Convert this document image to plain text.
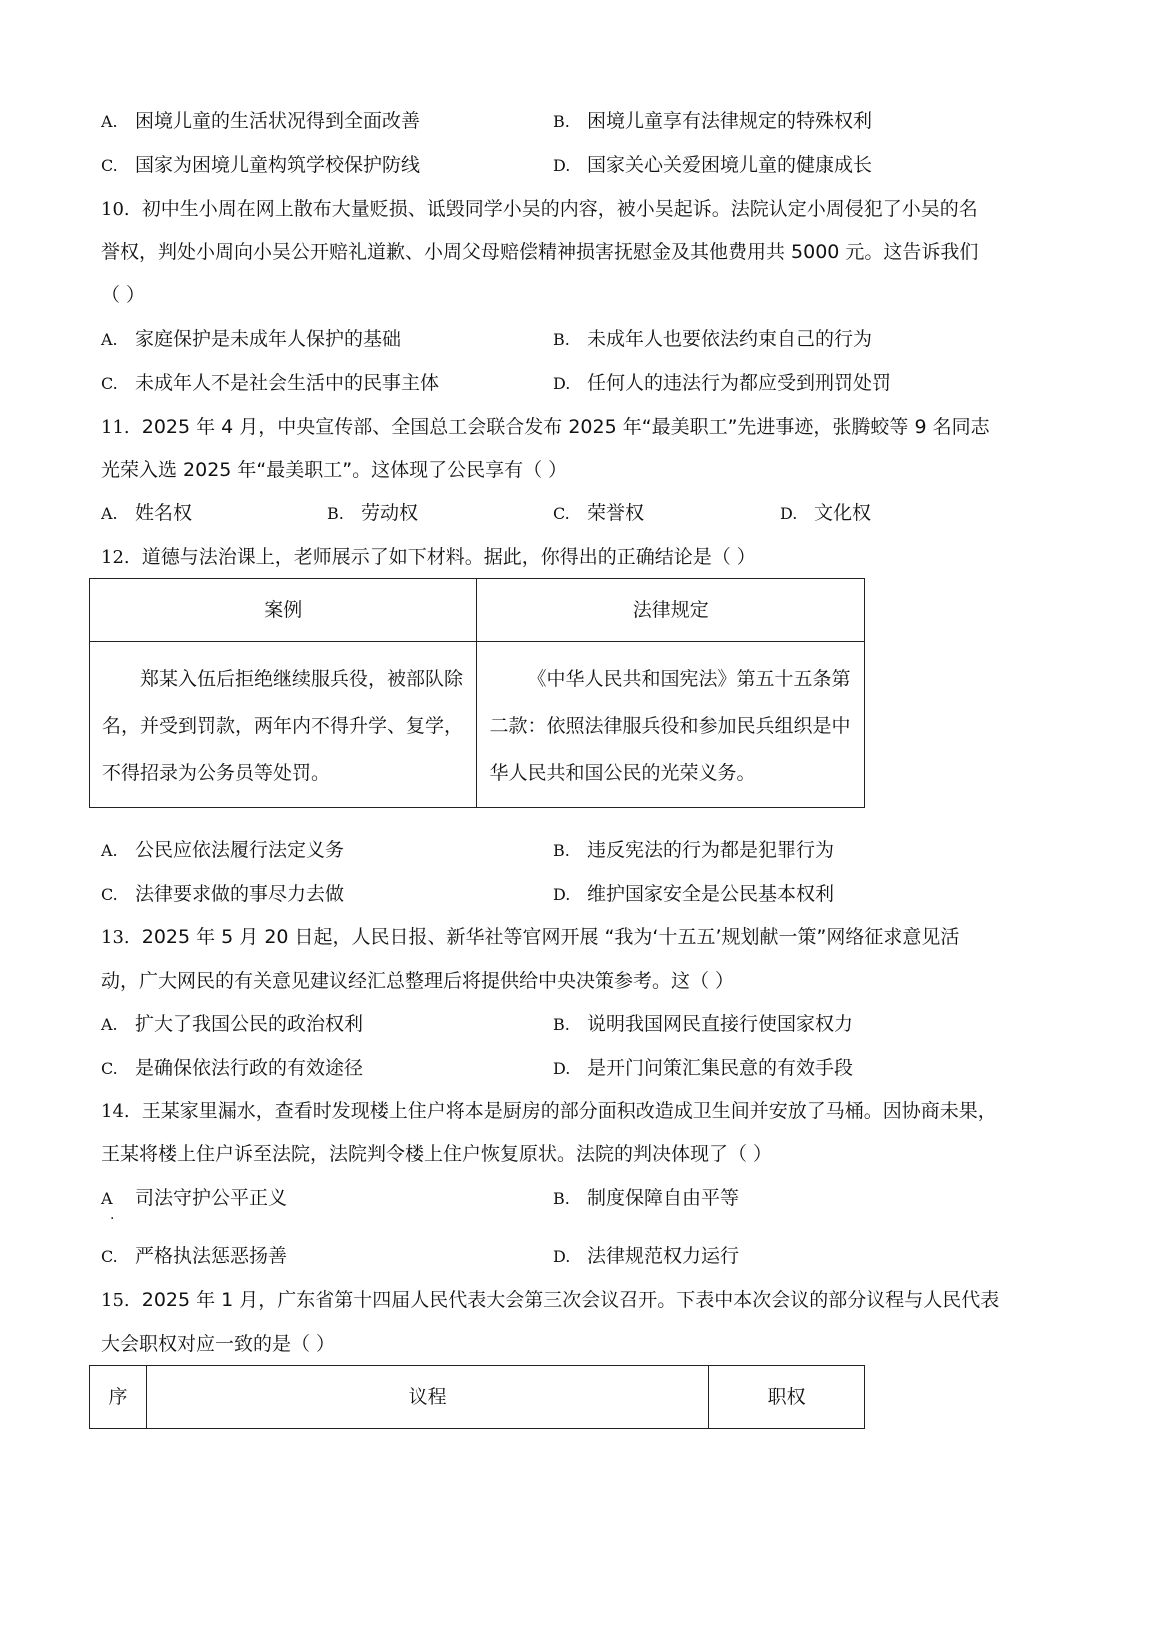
A. 困境儿童的生活状况得到全面改善	B. 困境儿童享有法律规定的特殊权利
C. 国家为困境儿童构筑学校保护防线	D. 国家关心关爱困境儿童的健康成长
10. 初中生小周在网上散布大量贬损、诋毁同学小吴的内容，被小吴起诉。法院认定小周侵犯了小吴的名
誉权，判处小周向小吴公开赔礼道歉、小周父母赔偿精神损害抚慰金及其他费用共 5000 元。这告诉我们
（ ）
A. 家庭保护是未成年人保护的基础	B. 未成年人也要依法约束自己的行为
C. 未成年人不是社会生活中的民事主体	D. 任何人的违法行为都应受到刑罚处罚
11. 2025 年 4 月，中央宣传部、全国总工会联合发布 2025 年“最美职工”先进事迹，张腾蛟等 9 名同志
光荣入选 2025 年“最美职工”。这体现了公民享有（ ）
A. 姓名权	B. 劳动权	C. 荣誉权	D. 文化权
12. 道德与法治课上，老师展示了如下材料。据此，你得出的正确结论是（ ）
案例	法律规定
郑某入伍后拒绝继续服兵役，被部队除名，并受到罚款，两年内不得升学、复学，不得招录为公务员等处罚。	《中华人民共和国宪法》第五十五条第二款：依照法律服兵役和参加民兵组织是中华人民共和国公民的光荣义务。
A. 公民应依法履行法定义务	B. 违反宪法的行为都是犯罪行为
C. 法律要求做的事尽力去做	D. 维护国家安全是公民基本权利
13. 2025 年 5 月 20 日起，人民日报、新华社等官网开展 “我为‘十五五’规划献一策”网络征求意见活
动，广大网民的有关意见建议经汇总整理后将提供给中央决策参考。这（ ）
A. 扩大了我国公民的政治权利	B. 说明我国网民直接行使国家权力
C. 是确保依法行政的有效途径	D. 是开门问策汇集民意的有效手段
14. 王某家里漏水，查看时发现楼上住户将本是厨房的部分面积改造成卫生间并安放了马桶。因协商未果，
王某将楼上住户诉至法院，法院判令楼上住户恢复原状。法院的判决体现了（ ）
A 司法守护公平正义
.
B. 制度保障自由平等
C. 严格执法惩恶扬善	D. 法律规范权力运行
15. 2025 年 1 月，广东省第十四届人民代表大会第三次会议召开。下表中本次会议的部分议程与人民代表
大会职权对应一致的是（ ）
序	议程	职权
